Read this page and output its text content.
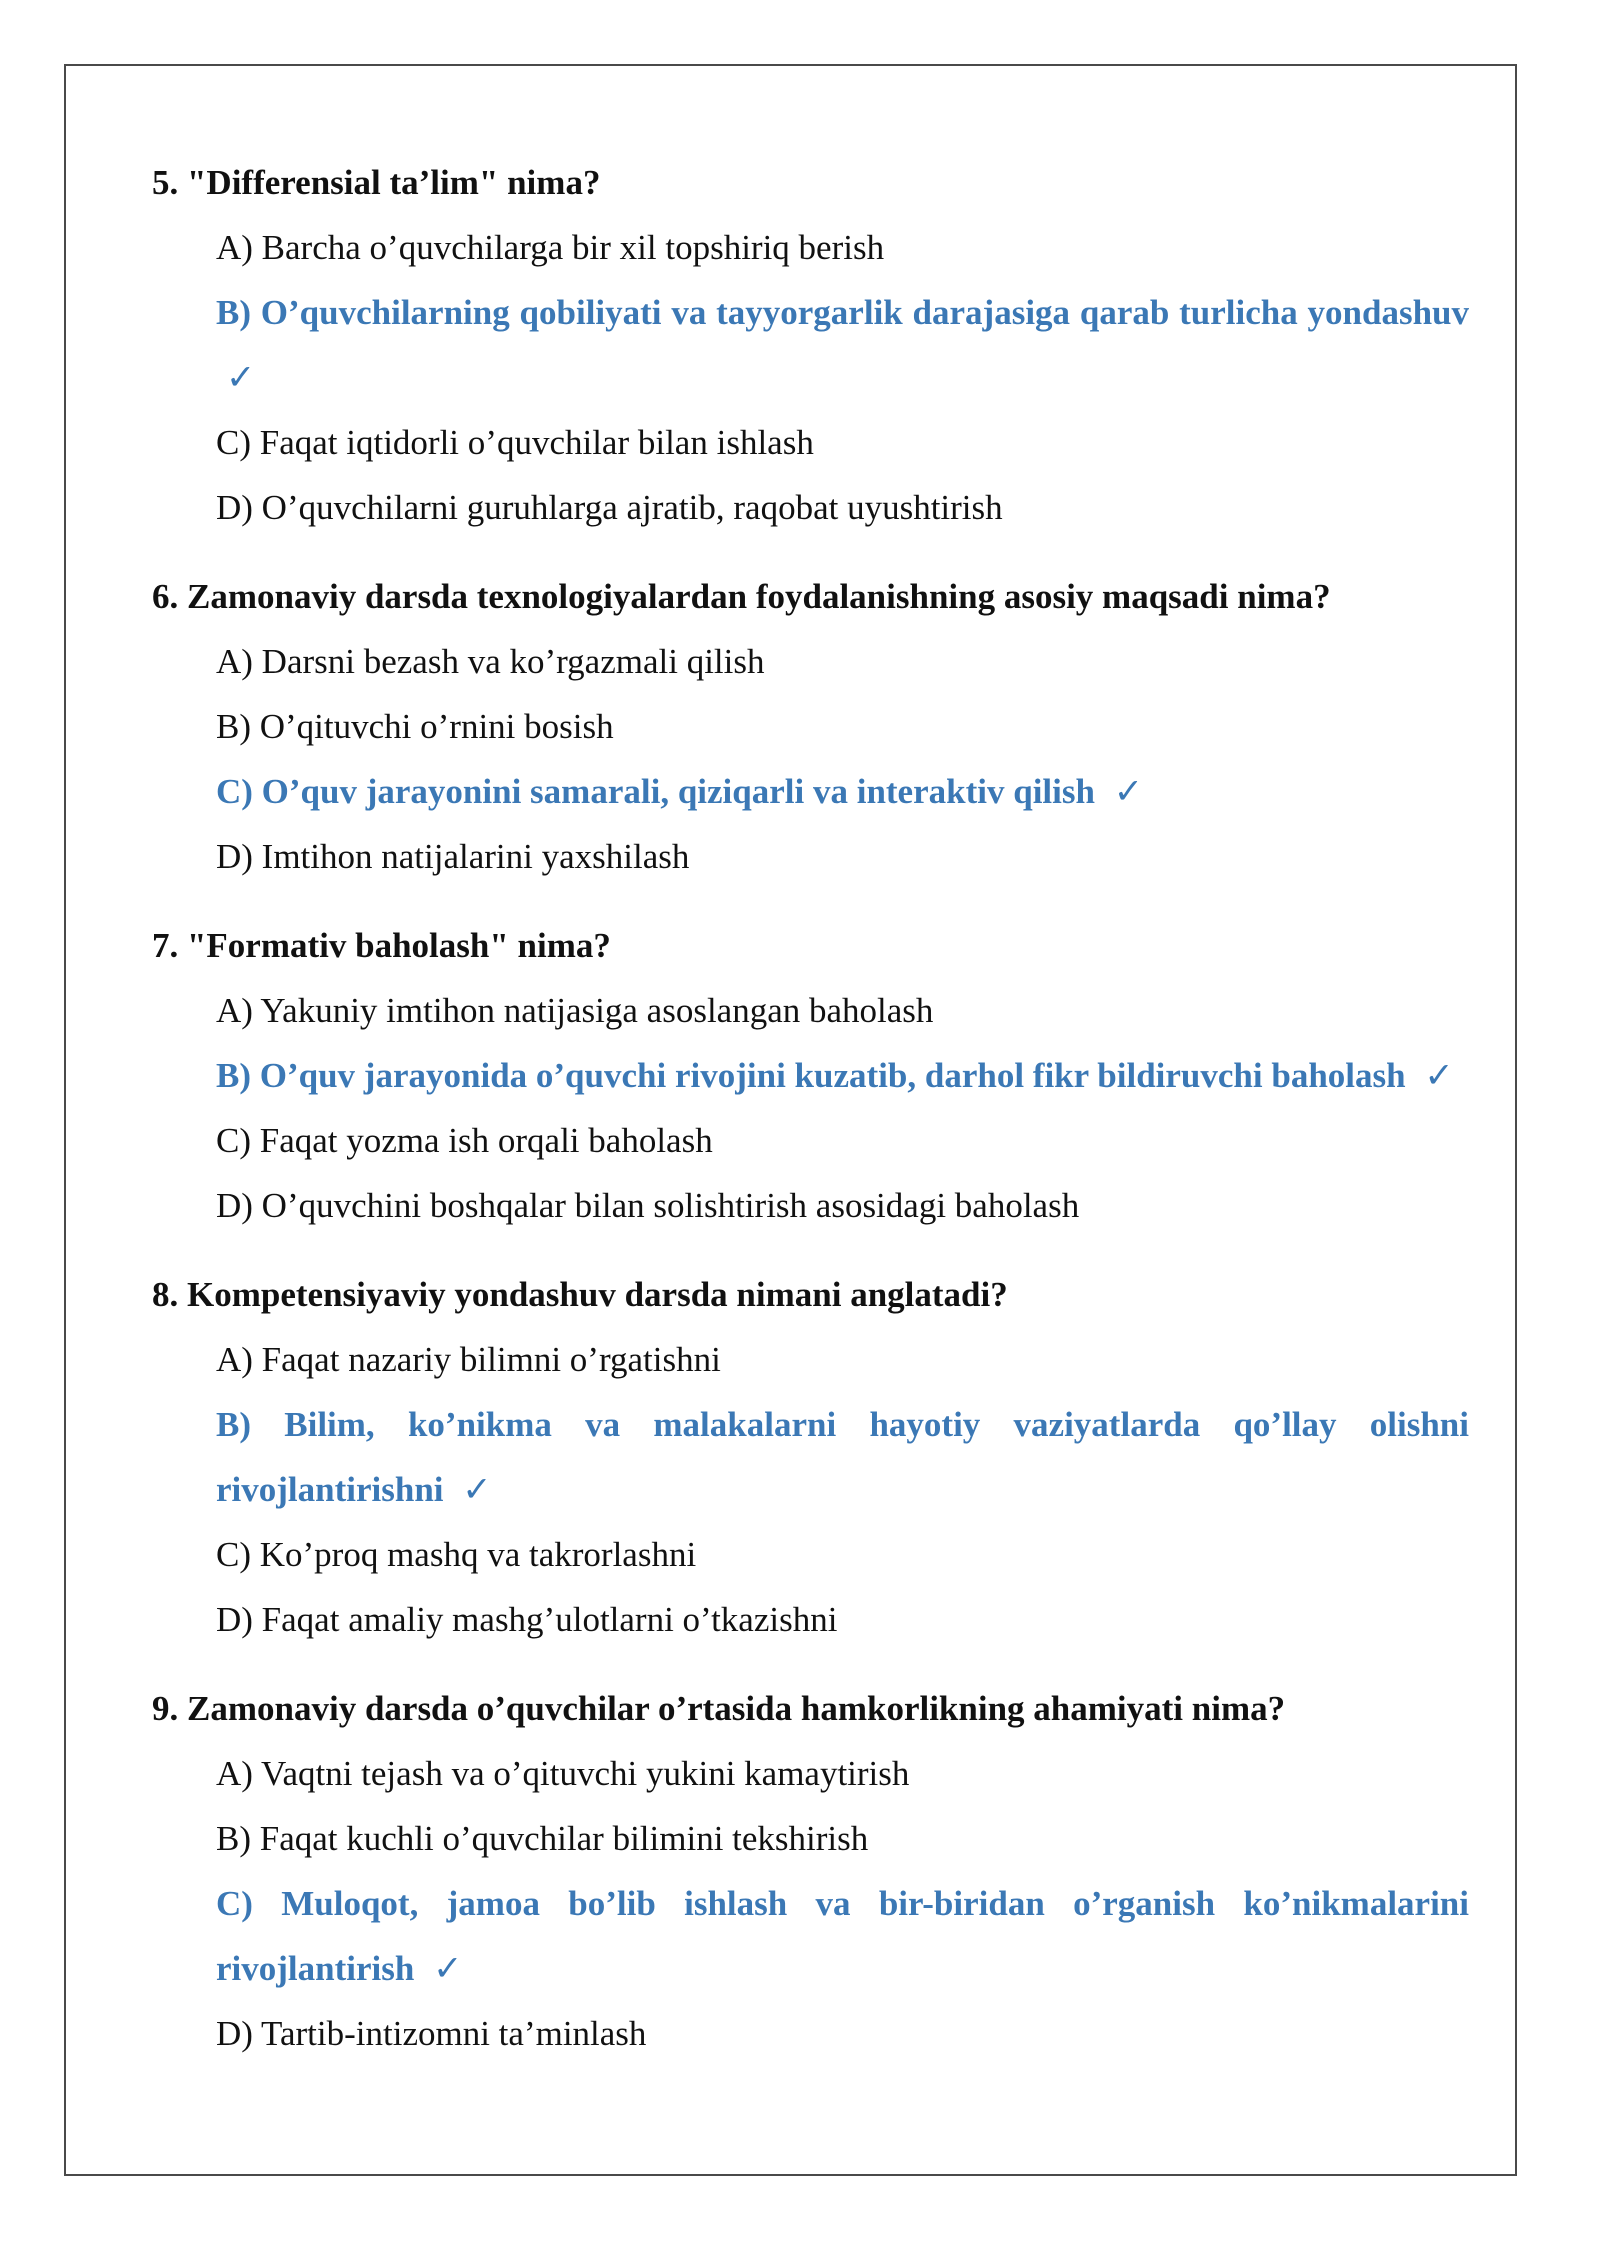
5. "Differensial ta’lim" nima?
A) Barcha o’quvchilarga bir xil topshiriq berish
B) O’quvchilarning qobiliyati va tayyorgarlik darajasiga qarab turlicha yondashuv ✓
C) Faqat iqtidorli o’quvchilar bilan ishlash
D) O’quvchilarni guruhlarga ajratib, raqobat uyushtirish
6. Zamonaviy darsda texnologiyalardan foydalanishning asosiy maqsadi nima?
A) Darsni bezash va ko’rgazmali qilish
B) O’qituvchi o’rnini bosish
C) O’quv jarayonini samarali, qiziqarli va interaktiv qilish ✓
D) Imtihon natijalarini yaxshilash
7. "Formativ baholash" nima?
A) Yakuniy imtihon natijasiga asoslangan baholash
B) O’quv jarayonida o’quvchi rivojini kuzatib, darhol fikr bildiruvchi baholash ✓
C) Faqat yozma ish orqali baholash
D) O’quvchini boshqalar bilan solishtirish asosidagi baholash
8. Kompetensiyaviy yondashuv darsda nimani anglatadi?
A) Faqat nazariy bilimni o’rgatishni
B) Bilim, ko’nikma va malakalarni hayotiy vaziyatlarda qo’llay olishni rivojlantirishni ✓
C) Ko’proq mashq va takrorlashni
D) Faqat amaliy mashg’ulotlarni o’tkazishni
9. Zamonaviy darsda o’quvchilar o’rtasida hamkorlikning ahamiyati nima?
A) Vaqtni tejash va o’qituvchi yukini kamaytirish
B) Faqat kuchli o’quvchilar bilimini tekshirish
C) Muloqot, jamoa bo’lib ishlash va bir-biridan o’rganish ko’nikmalarini rivojlantirish ✓
D) Tartib-intizomni ta’minlash
